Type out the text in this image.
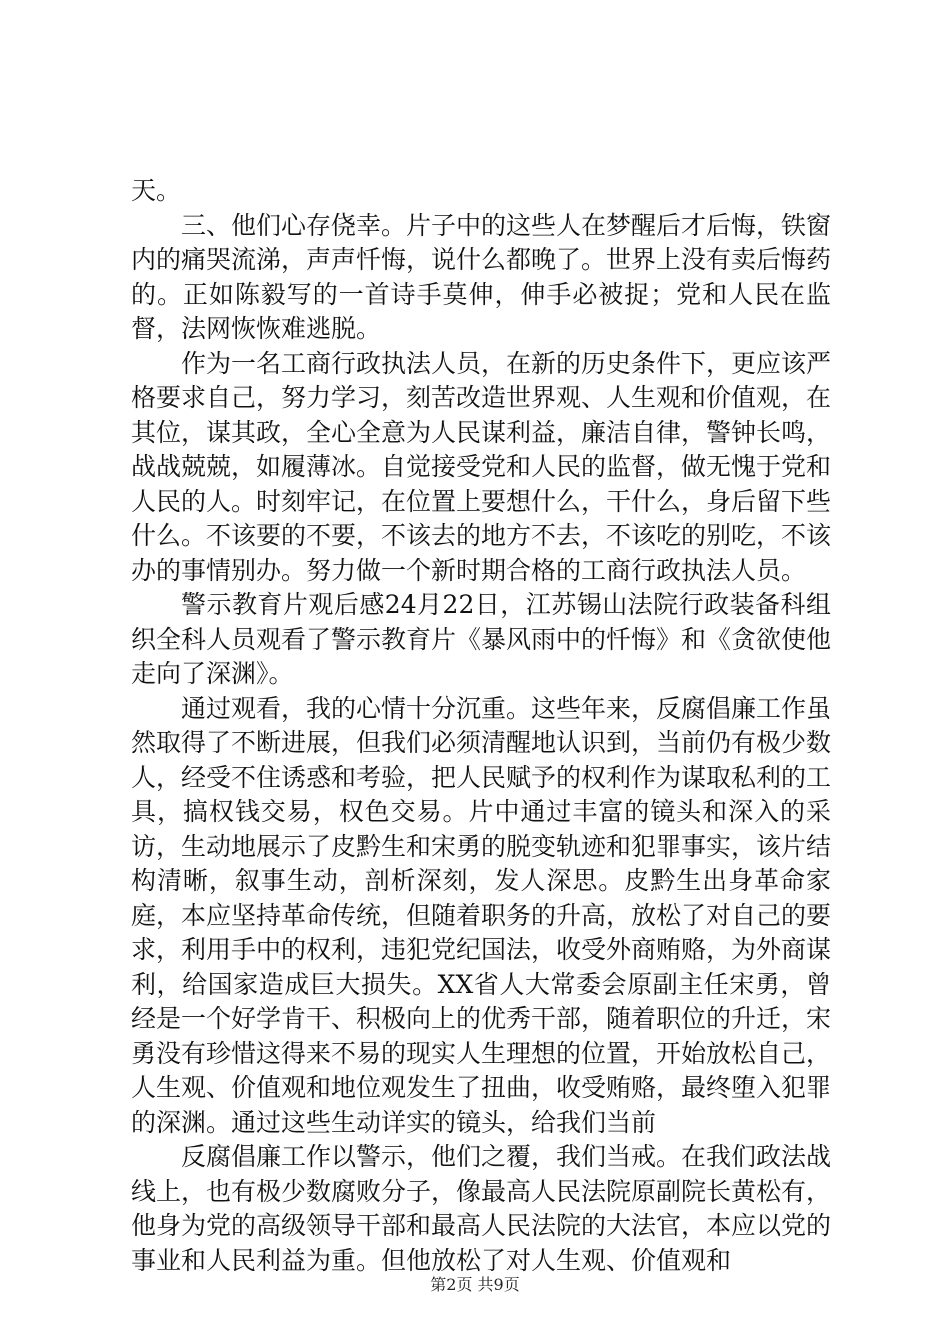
天。

三、他们心存侥幸。片子中的这些人在梦醒后才后悔，铁窗内的痛哭流涕，声声忏悔，说什么都晚了。世界上没有卖后悔药的。正如陈毅写的一首诗手莫伸，伸手必被捉；党和人民在监督，法网恢恢难逃脱。

作为一名工商行政执法人员，在新的历史条件下，更应该严格要求自己，努力学习，刻苦改造世界观、人生观和价值观，在其位，谋其政，全心全意为人民谋利益，廉洁自律，警钟长鸣，战战兢兢，如履薄冰。自觉接受党和人民的监督，做无愧于党和人民的人。时刻牢记，在位置上要想什么，干什么，身后留下些什么。不该要的不要，不该去的地方不去，不该吃的别吃，不该办的事情别办。努力做一个新时期合格的工商行政执法人员。

警示教育片观后感24月22日，江苏锡山法院行政装备科组织全科人员观看了警示教育片《暴风雨中的忏悔》和《贪欲使他走向了深渊》。

通过观看，我的心情十分沉重。这些年来，反腐倡廉工作虽然取得了不断进展，但我们必须清醒地认识到，当前仍有极少数人，经受不住诱惑和考验，把人民赋予的权利作为谋取私利的工具，搞权钱交易，权色交易。片中通过丰富的镜头和深入的采访，生动地展示了皮黔生和宋勇的脱变轨迹和犯罪事实，该片结构清晰，叙事生动，剖析深刻，发人深思。皮黔生出身革命家庭，本应坚持革命传统，但随着职务的升高，放松了对自己的要求，利用手中的权利，违犯党纪国法，收受外商贿赂，为外商谋利，给国家造成巨大损失。XX省人大常委会原副主任宋勇，曾经是一个好学肯干、积极向上的优秀干部，随着职位的升迁，宋勇没有珍惜这得来不易的现实人生理想的位置，开始放松自己，人生观、价值观和地位观发生了扭曲，收受贿赂，最终堕入犯罪的深渊。通过这些生动详实的镜头，给我们当前

反腐倡廉工作以警示，他们之覆，我们当戒。在我们政法战线上，也有极少数腐败分子，像最高人民法院原副院长黄松有，他身为党的高级领导干部和最高人民法院的大法官，本应以党的事业和人民利益为重。但他放松了对人生观、价值观和

第2页 共9页
